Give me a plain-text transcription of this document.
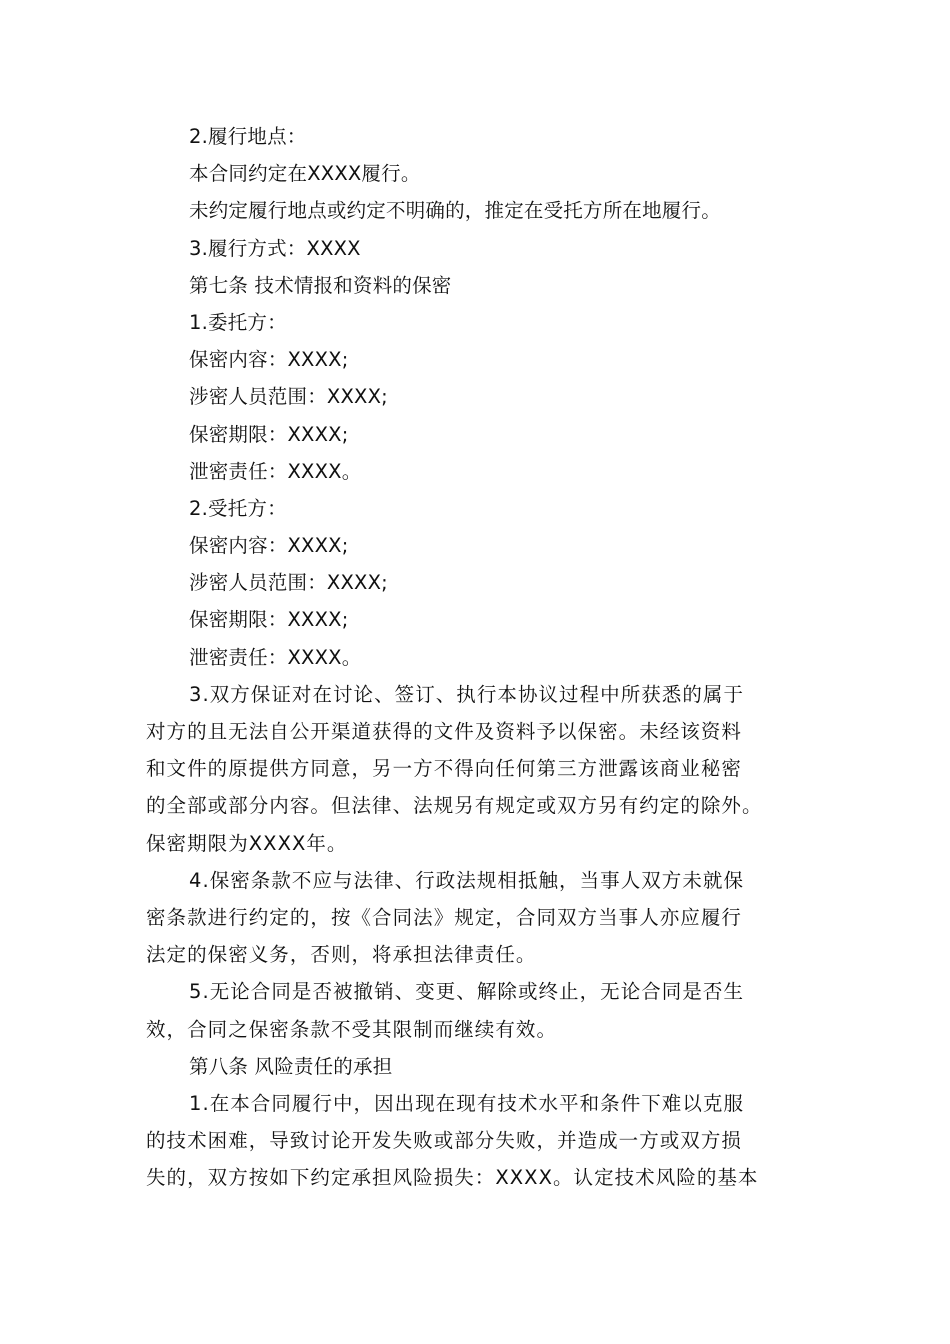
2.履行地点：
本合同约定在XXXX履行。
未约定履行地点或约定不明确的，推定在受托方所在地履行。
3.履行方式：XXXX
第七条 技术情报和资料的保密
1.委托方：
保密内容：XXXX;
涉密人员范围：XXXX;
保密期限：XXXX;
泄密责任：XXXX。
2.受托方：
保密内容：XXXX;
涉密人员范围：XXXX;
保密期限：XXXX;
泄密责任：XXXX。
3.双方保证对在讨论、签订、执行本协议过程中所获悉的属于
对方的且无法自公开渠道获得的文件及资料予以保密。未经该资料
和文件的原提供方同意，另一方不得向任何第三方泄露该商业秘密
的全部或部分内容。但法律、法规另有规定或双方另有约定的除外。
保密期限为XXXX年。
4.保密条款不应与法律、行政法规相抵触，当事人双方未就保
密条款进行约定的，按《合同法》规定，合同双方当事人亦应履行
法定的保密义务，否则，将承担法律责任。
5.无论合同是否被撤销、变更、解除或终止，无论合同是否生
效，合同之保密条款不受其限制而继续有效。
第八条 风险责任的承担
1.在本合同履行中，因出现在现有技术水平和条件下难以克服
的技术困难，导致讨论开发失败或部分失败，并造成一方或双方损
失的，双方按如下约定承担风险损失：XXXX。认定技术风险的基本
